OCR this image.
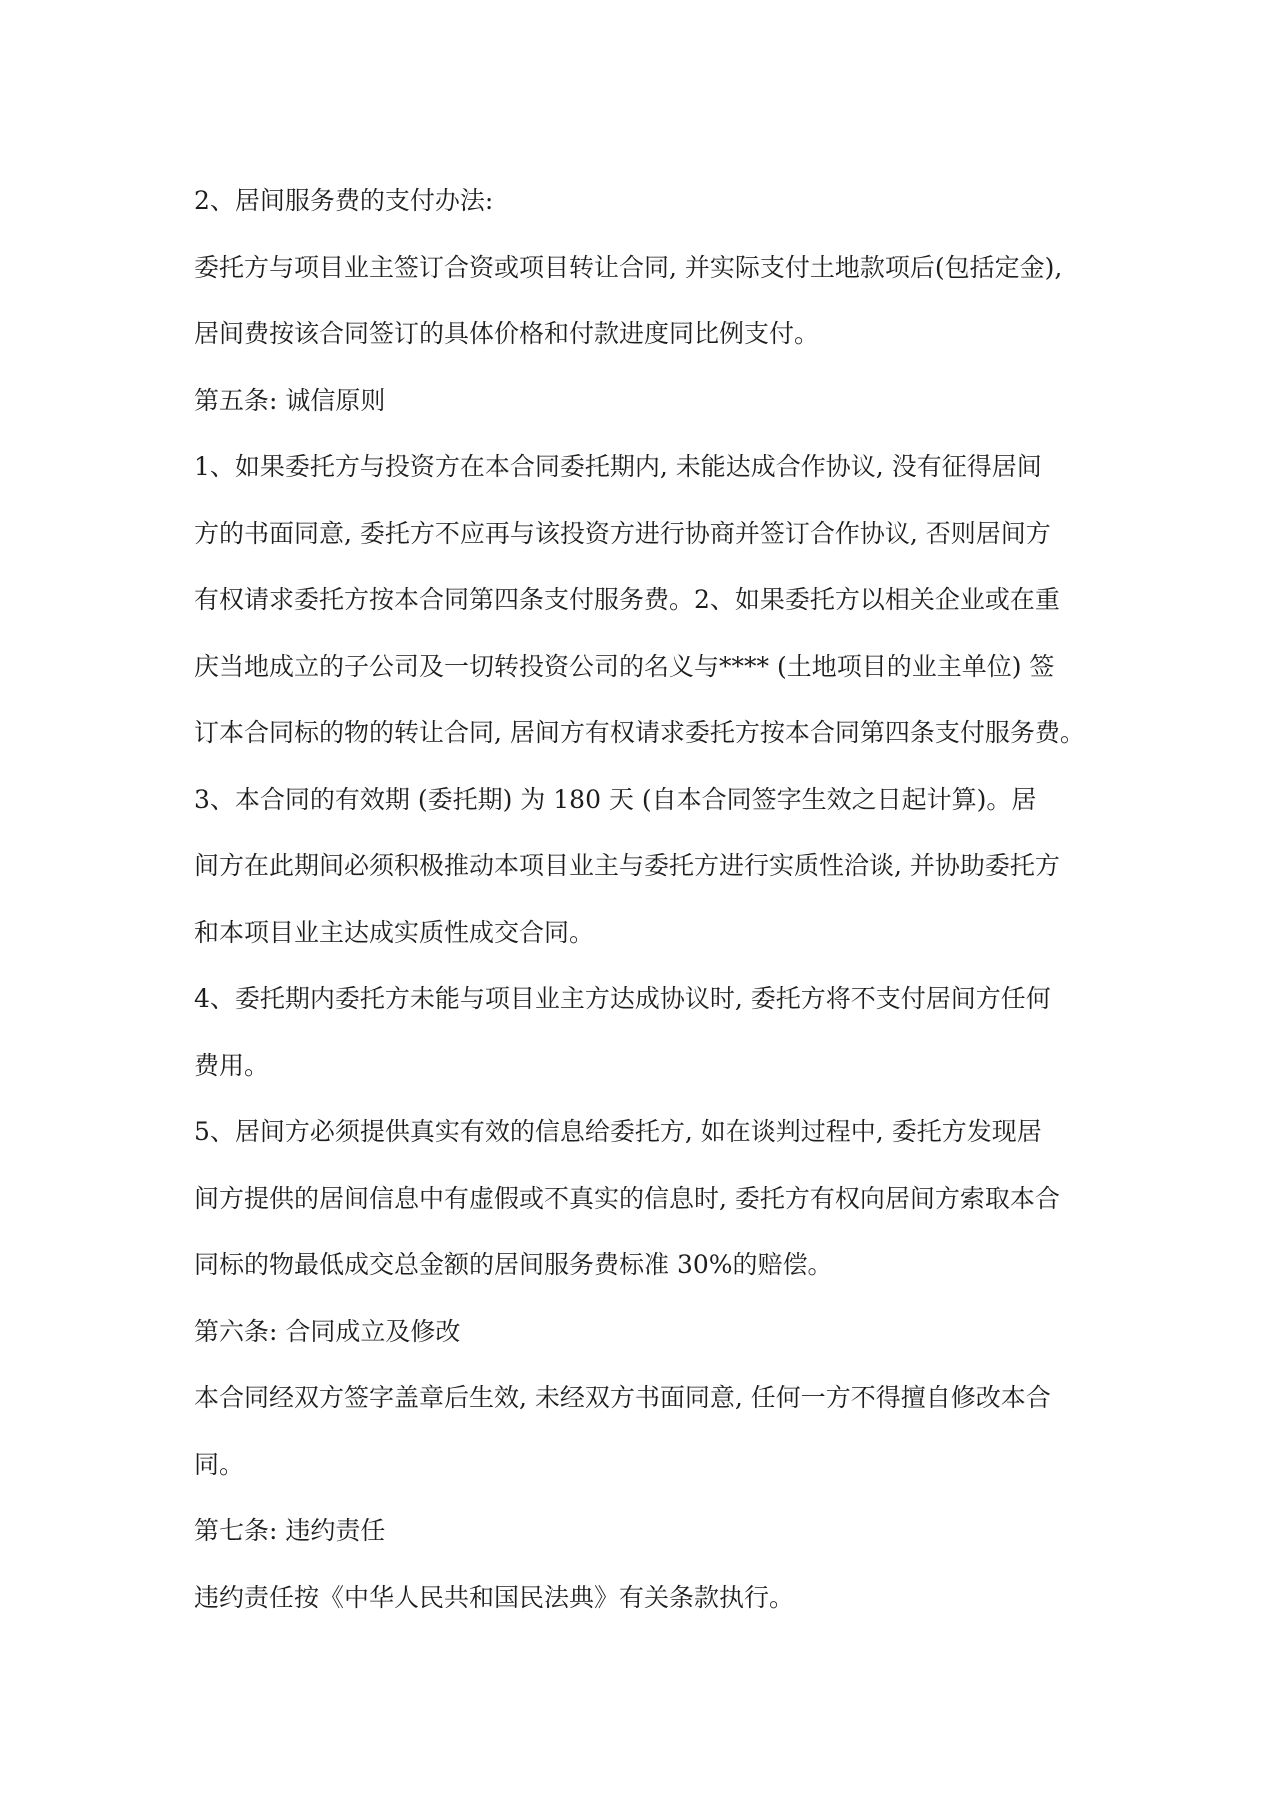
2、居间服务费的支付办法:

委托方与项目业主签订合资或项目转让合同, 并实际支付土地款项后(包括定金),

居间费按该合同签订的具体价格和付款进度同比例支付。

第五条: 诚信原则

1、如果委托方与投资方在本合同委托期内, 未能达成合作协议, 没有征得居间

方的书面同意, 委托方不应再与该投资方进行协商并签订合作协议, 否则居间方

有权请求委托方按本合同第四条支付服务费。2、如果委托方以相关企业或在重

庆当地成立的子公司及一切转投资公司的名义与**** (土地项目的业主单位) 签

订本合同标的物的转让合同, 居间方有权请求委托方按本合同第四条支付服务费。

3、本合同的有效期 (委托期) 为 180 天 (自本合同签字生效之日起计算)。居

间方在此期间必须积极推动本项目业主与委托方进行实质性洽谈, 并协助委托方

和本项目业主达成实质性成交合同。

4、委托期内委托方未能与项目业主方达成协议时, 委托方将不支付居间方任何

费用。

5、居间方必须提供真实有效的信息给委托方, 如在谈判过程中, 委托方发现居

间方提供的居间信息中有虚假或不真实的信息时, 委托方有权向居间方索取本合

同标的物最低成交总金额的居间服务费标准 30%的赔偿。

第六条: 合同成立及修改

本合同经双方签字盖章后生效, 未经双方书面同意, 任何一方不得擅自修改本合

同。

第七条: 违约责任

违约责任按《中华人民共和国民法典》有关条款执行。
